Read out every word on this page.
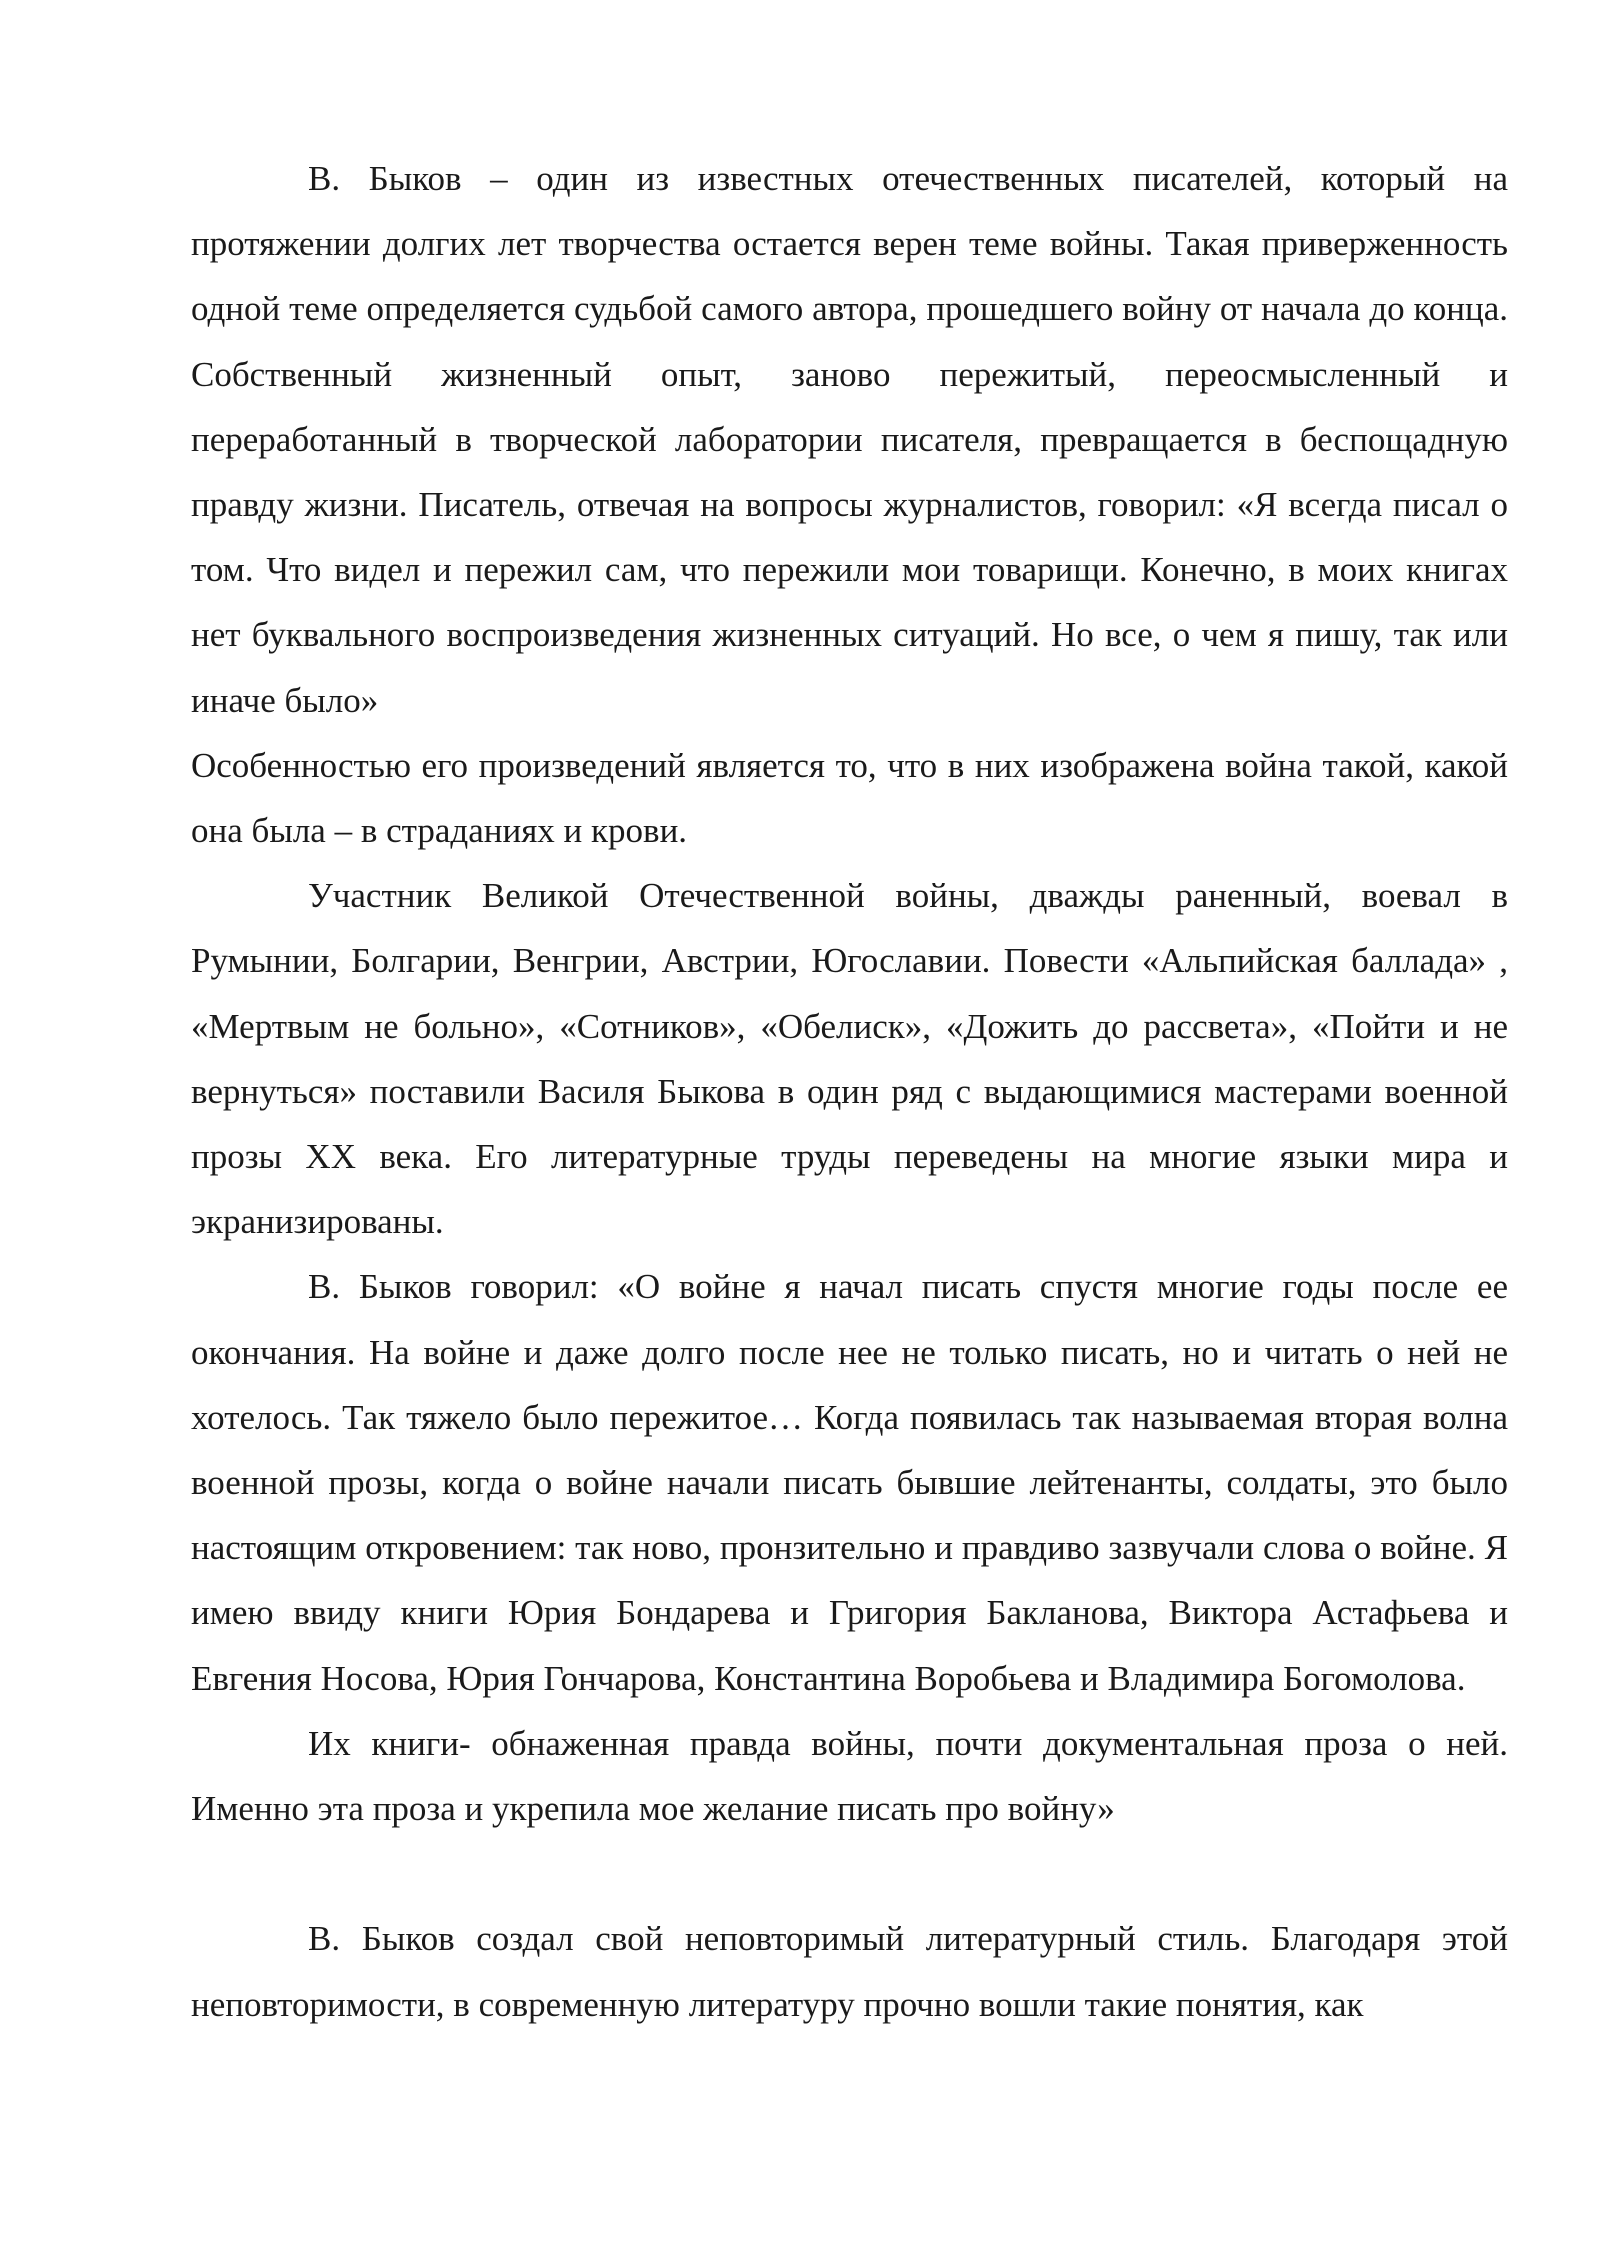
В. Быков – один из известных отечественных писателей, который на протяжении долгих лет творчества остается верен теме войны. Такая приверженность одной теме определяется судьбой самого автора, прошедшего войну от начала до конца. Собственный жизненный опыт, заново пережитый, переосмысленный и переработанный в творческой лаборатории писателя, превращается в беспощадную правду жизни. Писатель, отвечая на вопросы журналистов, говорил: «Я всегда писал о том. Что видел и пережил сам, что пережили мои товарищи. Конечно, в моих книгах нет буквального воспроизведения жизненных ситуаций. Но все, о чем я пишу, так или иначе было»

Особенностью его произведений является то, что в них изображена война такой, какой она была – в страданиях и крови.

Участник Великой Отечественной войны, дважды раненный, воевал в Румынии, Болгарии, Венгрии, Австрии, Югославии. Повести «Альпийская баллада» , «Мертвым не больно», «Сотников», «Обелиск», «Дожить до рассвета», «Пойти и не вернуться» поставили Василя Быкова в один ряд с выдающимися мастерами военной прозы XX века. Его литературные труды переведены на многие языки мира и экранизированы.

В. Быков говорил: «О войне я начал писать спустя многие годы после ее окончания. На войне и даже долго после нее не только писать, но и читать о ней не хотелось. Так тяжело было пережитое… Когда появилась так называемая вторая волна военной прозы, когда о войне начали писать бывшие лейтенанты, солдаты, это было настоящим откровением: так ново, пронзительно и правдиво зазвучали слова о войне. Я имею ввиду книги Юрия Бондарева и Григория Бакланова, Виктора Астафьева и Евгения Носова, Юрия Гончарова, Константина Воробьева и Владимира Богомолова.

Их книги- обнаженная правда войны, почти документальная проза о ней. Именно эта проза и укрепила мое желание писать про войну»

В. Быков создал свой неповторимый литературный стиль. Благодаря этой неповторимости, в современную литературу прочно вошли такие понятия, как
